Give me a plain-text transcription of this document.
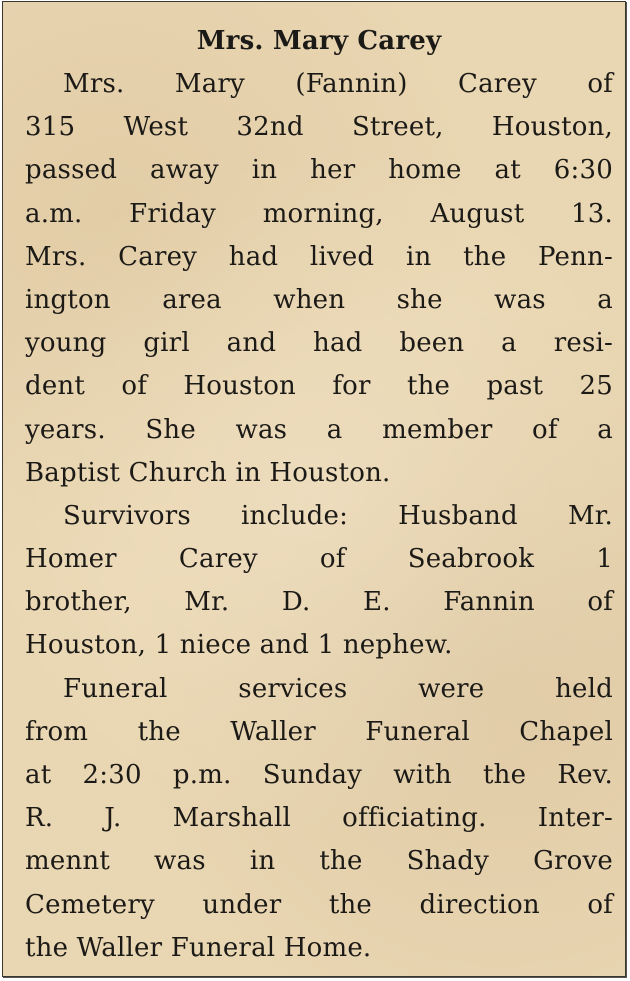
Mrs. Mary Carey
Mrs. Mary (Fannin) Carey of
315 West 32nd Street, Houston,
passed away in her home at 6:30
a.m. Friday morning, August 13.
Mrs. Carey had lived in the Penn-
ington area when she was a
young girl and had been a resi-
dent of Houston for the past 25
years. She was a member of a
Baptist Church in Houston.
Survivors include: Husband Mr.
Homer Carey of Seabrook 1
brother, Mr. D. E. Fannin of
Houston, 1 niece and 1 nephew.
Funeral services were held
from the Waller Funeral Chapel
at 2:30 p.m. Sunday with the Rev.
R. J. Marshall officiating. Inter-
mennt was in the Shady Grove
Cemetery under the direction of
the Waller Funeral Home.
